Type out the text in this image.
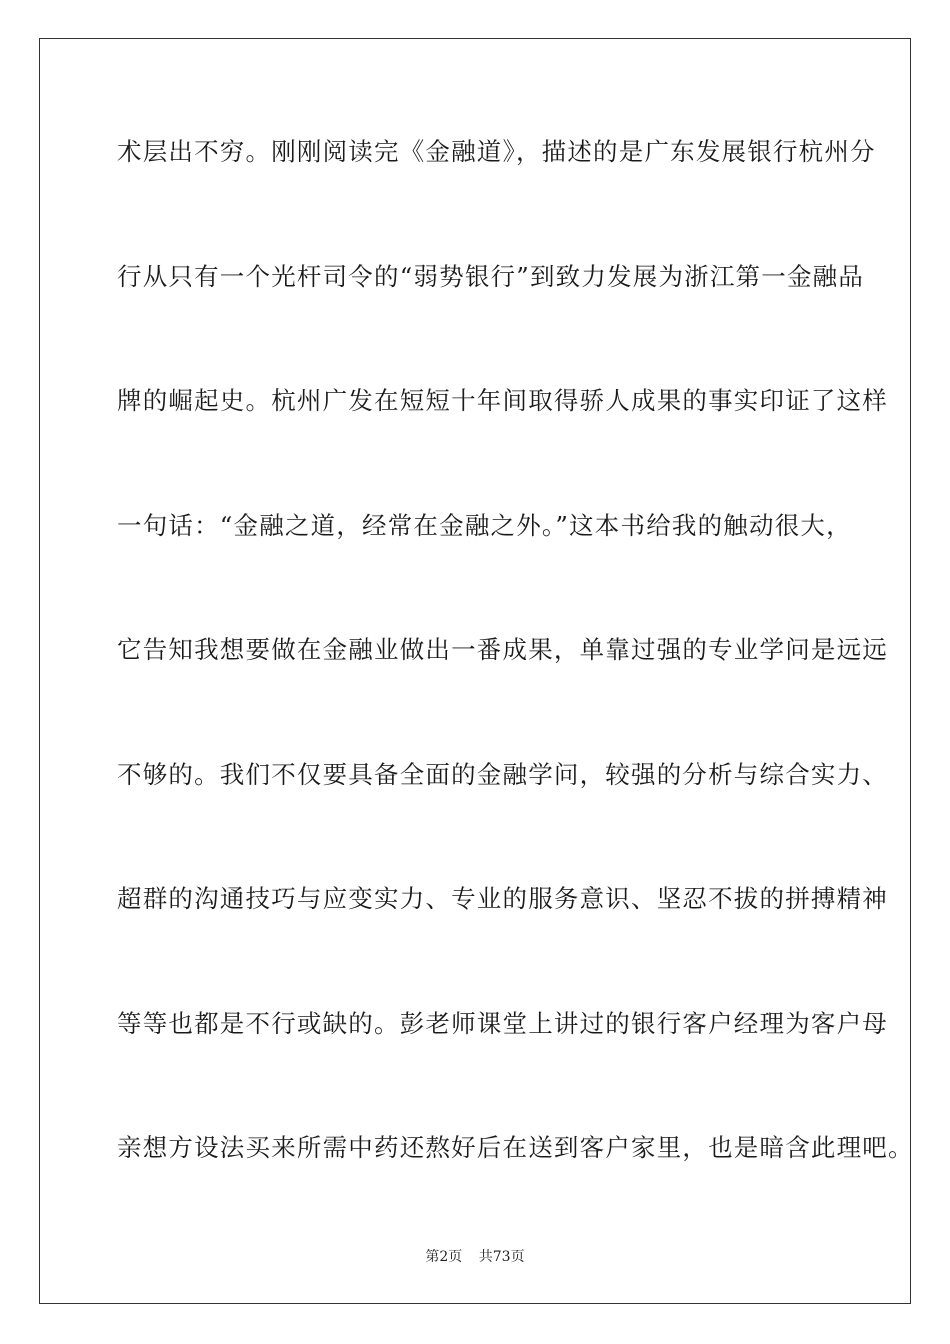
术层出不穷。刚刚阅读完《金融道》，描述的是广东发展银行杭州分
行从只有一个光杆司令的“弱势银行”到致力发展为浙江第一金融品
牌的崛起史。杭州广发在短短十年间取得骄人成果的事实印证了这样
一句话：“金融之道，经常在金融之外。”这本书给我的触动很大，
它告知我想要做在金融业做出一番成果，单靠过强的专业学问是远远
不够的。我们不仅要具备全面的金融学问，较强的分析与综合实力、
超群的沟通技巧与应变实力、专业的服务意识、坚忍不拔的拼搏精神
等等也都是不行或缺的。彭老师课堂上讲过的银行客户经理为客户母
亲想方设法买来所需中药还熬好后在送到客户家里，也是暗含此理吧。
第2页 共73页
